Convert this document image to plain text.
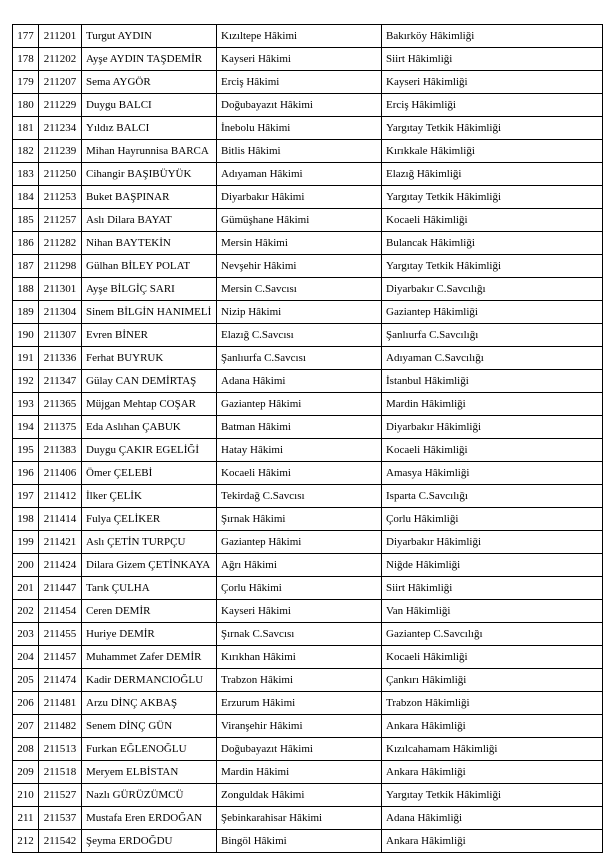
177	211201	Turgut AYDIN	Kızıltepe Hâkimi	Bakırköy Hâkimliği
178	211202	Ayşe AYDIN TAŞDEMİR	Kayseri Hâkimi	Siirt Hâkimliği
179	211207	Sema AYGÖR	Erciş Hâkimi	Kayseri Hâkimliği
180	211229	Duygu BALCI	Doğubayazıt Hâkimi	Erciş Hâkimliği
181	211234	Yıldız BALCI	İnebolu Hâkimi	Yargıtay Tetkik Hâkimliği
182	211239	Mihan Hayrunnisa BARCA	Bitlis Hâkimi	Kırıkkale Hâkimliği
183	211250	Cihangir BAŞIBÜYÜK	Adıyaman Hâkimi	Elazığ Hâkimliği
184	211253	Buket BAŞPINAR	Diyarbakır Hâkimi	Yargıtay Tetkik Hâkimliği
185	211257	Aslı Dilara BAYAT	Gümüşhane Hâkimi	Kocaeli Hâkimliği
186	211282	Nihan BAYTEKİN	Mersin Hâkimi	Bulancak Hâkimliği
187	211298	Gülhan BİLEY POLAT	Nevşehir Hâkimi	Yargıtay Tetkik Hâkimliği
188	211301	Ayşe BİLGİÇ SARI	Mersin C.Savcısı	Diyarbakır C.Savcılığı
189	211304	Sinem BİLGİN HANIMELİ	Nizip Hâkimi	Gaziantep Hâkimliği
190	211307	Evren BİNER	Elazığ C.Savcısı	Şanlıurfa C.Savcılığı
191	211336	Ferhat BUYRUK	Şanlıurfa C.Savcısı	Adıyaman C.Savcılığı
192	211347	Gülay CAN DEMİRTAŞ	Adana Hâkimi	İstanbul Hâkimliği
193	211365	Müjgan Mehtap COŞAR	Gaziantep Hâkimi	Mardin Hâkimliği
194	211375	Eda Aslıhan ÇABUK	Batman Hâkimi	Diyarbakır Hâkimliği
195	211383	Duygu ÇAKIR EGELİĞİ	Hatay Hâkimi	Kocaeli Hâkimliği
196	211406	Ömer ÇELEBİ	Kocaeli Hâkimi	Amasya Hâkimliği
197	211412	İlker ÇELİK	Tekirdağ C.Savcısı	Isparta C.Savcılığı
198	211414	Fulya ÇELİKER	Şırnak Hâkimi	Çorlu Hâkimliği
199	211421	Aslı ÇETİN TURPÇU	Gaziantep Hâkimi	Diyarbakır Hâkimliği
200	211424	Dilara Gizem ÇETİNKAYA	Ağrı Hâkimi	Niğde Hâkimliği
201	211447	Tarık ÇULHA	Çorlu Hâkimi	Siirt Hâkimliği
202	211454	Ceren DEMİR	Kayseri Hâkimi	Van Hâkimliği
203	211455	Huriye DEMİR	Şırnak C.Savcısı	Gaziantep C.Savcılığı
204	211457	Muhammet Zafer DEMİR	Kırıkhan Hâkimi	Kocaeli Hâkimliği
205	211474	Kadir DERMANCIOĞLU	Trabzon Hâkimi	Çankırı Hâkimliği
206	211481	Arzu DİNÇ AKBAŞ	Erzurum Hâkimi	Trabzon Hâkimliği
207	211482	Senem DİNÇ GÜN	Viranşehir Hâkimi	Ankara Hâkimliği
208	211513	Furkan EĞLENOĞLU	Doğubayazıt Hâkimi	Kızılcahamam Hâkimliği
209	211518	Meryem ELBİSTAN	Mardin Hâkimi	Ankara Hâkimliği
210	211527	Nazlı GÜRÜZÜMCÜ	Zonguldak Hâkimi	Yargıtay Tetkik Hâkimliği
211	211537	Mustafa Eren ERDOĞAN	Şebinkarahisar Hâkimi	Adana Hâkimliği
212	211542	Şeyma ERDOĞDU	Bingöl Hâkimi	Ankara Hâkimliği
